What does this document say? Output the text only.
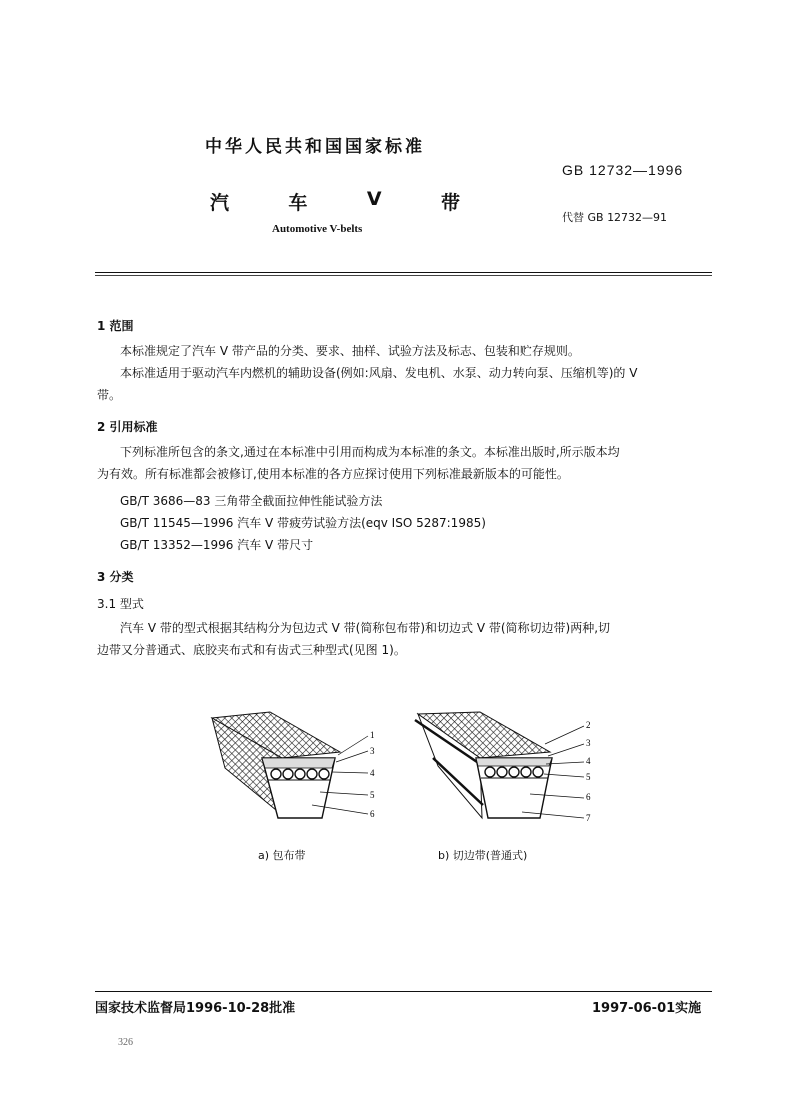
中华人民共和国国家标准
GB 12732—1996
汽	车	V	带
代替 GB 12732—91
Automotive V-belts
1 范围
本标准规定了汽车 V 带产品的分类、要求、抽样、试验方法及标志、包装和贮存规则。
本标准适用于驱动汽车内燃机的辅助设备(例如:风扇、发电机、水泵、动力转向泵、压缩机等)的 V
带。
2 引用标准
下列标准所包含的条文,通过在本标准中引用而构成为本标准的条文。本标准出版时,所示版本均
为有效。所有标准都会被修订,使用本标准的各方应探讨使用下列标准最新版本的可能性。
GB/T 3686—83 三角带全截面拉伸性能试验方法
GB/T 11545—1996 汽车 V 带疲劳试验方法(eqv ISO 5287:1985)
GB/T 13352—1996 汽车 V 带尺寸
3 分类
3.1 型式
汽车 V 带的型式根据其结构分为包边式 V 带(简称包布带)和切边式 V 带(简称切边带)两种,切
边带又分普通式、底胶夹布式和有齿式三种型式(见图 1)。
1
3
4
5
6
2
3
4
5
6
7
a) 包布带	b) 切边带(普通式)
国家技术监督局1996-10-28批准	1997-06-01实施
326
